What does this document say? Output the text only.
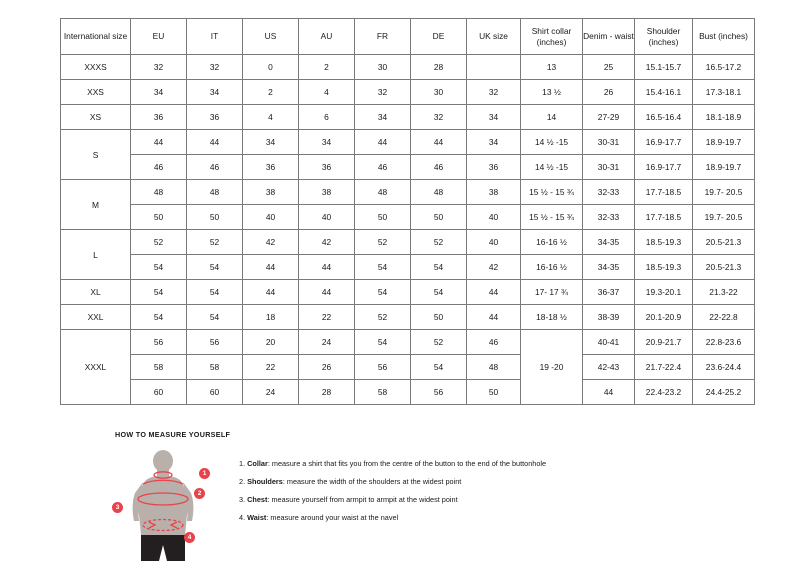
International size	EU	IT	US	AU	FR	DE	UK size	Shirt collar (inches)	Denim - waist	Shoulder (inches)	Bust (inches)
XXXS	32	32	0	2	30	28		13	25	15.1-15.7	16.5-17.2
XXS	34	34	2	4	32	30	32	13 ½	26	15.4-16.1	17.3-18.1
XS	36	36	4	6	34	32	34	14	27-29	16.5-16.4	18.1-18.9
S	44	44	34	34	44	44	34	14 ½ -15	30-31	16.9-17.7	18.9-19.7
	46	46	36	36	46	46	36	14 ½ -15	30-31	16.9-17.7	18.9-19.7
M	48	48	38	38	48	48	38	15 ½ - 15 ¾	32-33	17.7-18.5	19.7- 20.5
	50	50	40	40	50	50	40	15 ½ - 15 ¾	32-33	17.7-18.5	19.7- 20.5
L	52	52	42	42	52	52	40	16-16 ½	34-35	18.5-19.3	20.5-21.3
	54	54	44	44	54	54	42	16-16 ½	34-35	18.5-19.3	20.5-21.3
XL	54	54	44	44	54	54	44	17- 17 ¾	36-37	19.3-20.1	21.3-22
XXL	54	54	18	22	52	50	44	18-18 ½	38-39	20.1-20.9	22-22.8
XXXL	56	56	20	24	54	52	46	19 -20	40-41	20.9-21.7	22.8-23.6
	58	58	22	26	56	54	48		42-43	21.7-22.4	23.6-24.4
	60	60	24	28	58	56	50		44	22.4-23.2	24.4-25.2
HOW TO MEASURE YOURSELF
1
2
3
4
Collar: measure a shirt that fits you from the centre of the button to the end of the buttonhole
Shoulders: measure the width of the shoulders at the widest point
Chest: measure yourself from armpit to armpit at the widest point
Waist: measure around your waist at the navel
